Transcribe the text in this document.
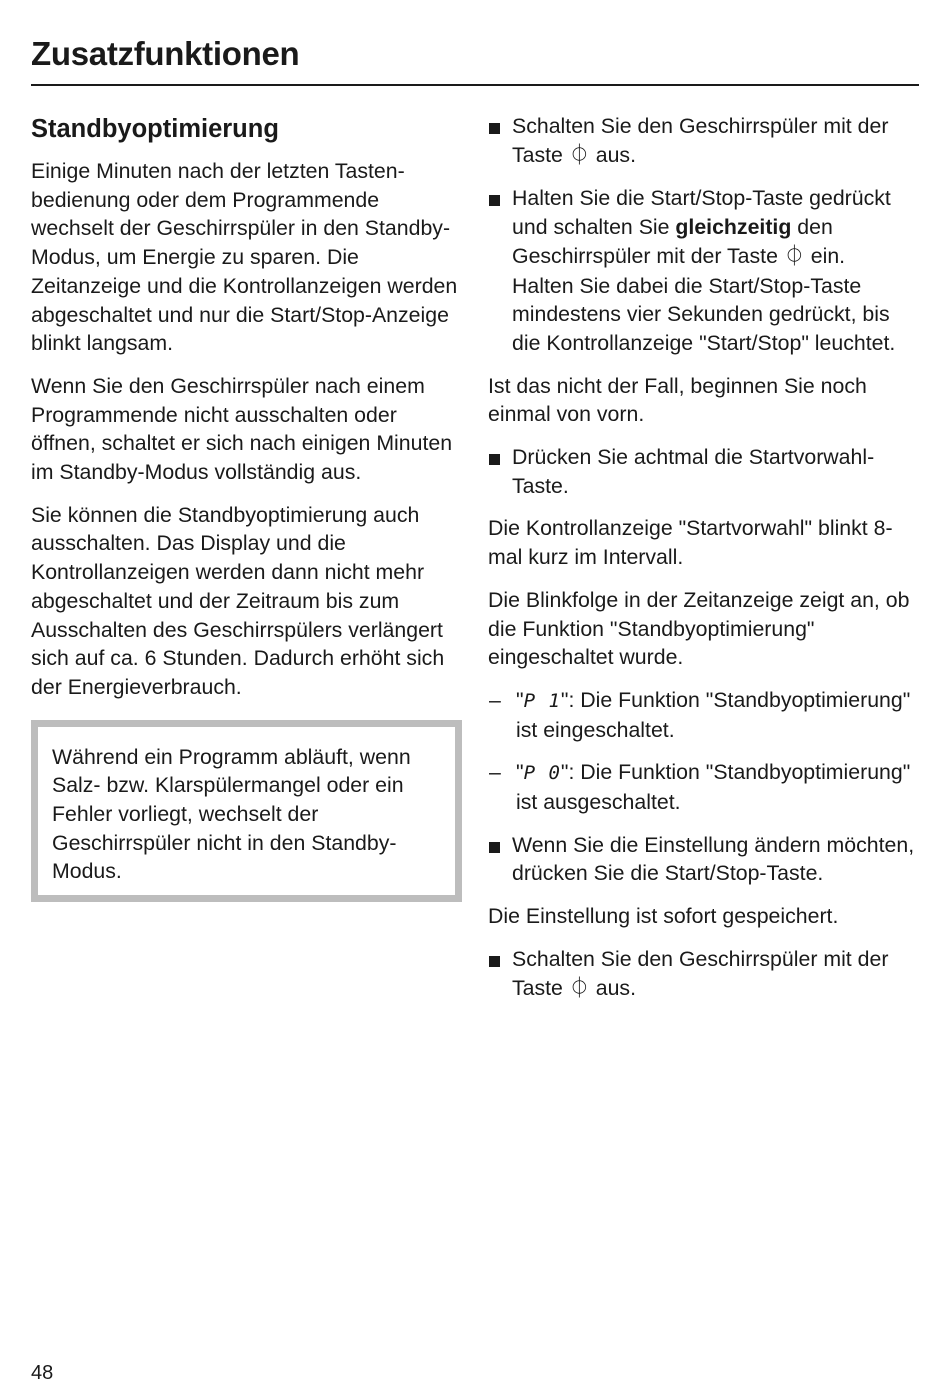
Zusatzfunktionen
Standbyoptimierung

Einige Minuten nach der letzten Tastenbedienung oder dem Programmende wechselt der Geschirrspüler in den Standby-Modus, um Energie zu sparen. Die Zeitanzeige und die Kontrollanzeigen werden abgeschaltet und nur die Start/Stop-Anzeige blinkt langsam.

Wenn Sie den Geschirrspüler nach einem Programmende nicht ausschalten oder öffnen, schaltet er sich nach einigen Minuten im Standby-Modus vollständig aus.

Sie können die Standbyoptimierung auch ausschalten. Das Display und die Kontrollanzeigen werden dann nicht mehr abgeschaltet und der Zeitraum bis zum Ausschalten des Geschirrspülers verlängert sich auf ca. 6 Stunden. Dadurch erhöht sich der Energieverbrauch.

Während ein Programm abläuft, wenn Salz- bzw. Klarspülermangel oder ein Fehler vorliegt, wechselt der Geschirrspüler nicht in den Standby-Modus.
Schalten Sie den Geschirrspüler mit der Taste ⏀ aus.
Halten Sie die Start/Stop-Taste gedrückt und schalten Sie gleichzeitig den Geschirrspüler mit der Taste ⏀ ein.
Halten Sie dabei die Start/Stop-Taste mindestens vier Sekunden gedrückt, bis die Kontrollanzeige "Start/Stop" leuchtet.
Ist das nicht der Fall, beginnen Sie noch einmal von vorn.
Drücken Sie achtmal die Startvorwahl-Taste.
Die Kontrollanzeige "Startvorwahl" blinkt 8-mal kurz im Intervall.
Die Blinkfolge in der Zeitanzeige zeigt an, ob die Funktion "Standbyoptimierung" eingeschaltet wurde.
– "P 1": Die Funktion "Standbyoptimierung" ist eingeschaltet.
– "P 0": Die Funktion "Standbyoptimierung" ist ausgeschaltet.
Wenn Sie die Einstellung ändern möchten, drücken Sie die Start/Stop-Taste.
Die Einstellung ist sofort gespeichert.
Schalten Sie den Geschirrspüler mit der Taste ⏀ aus.
48
